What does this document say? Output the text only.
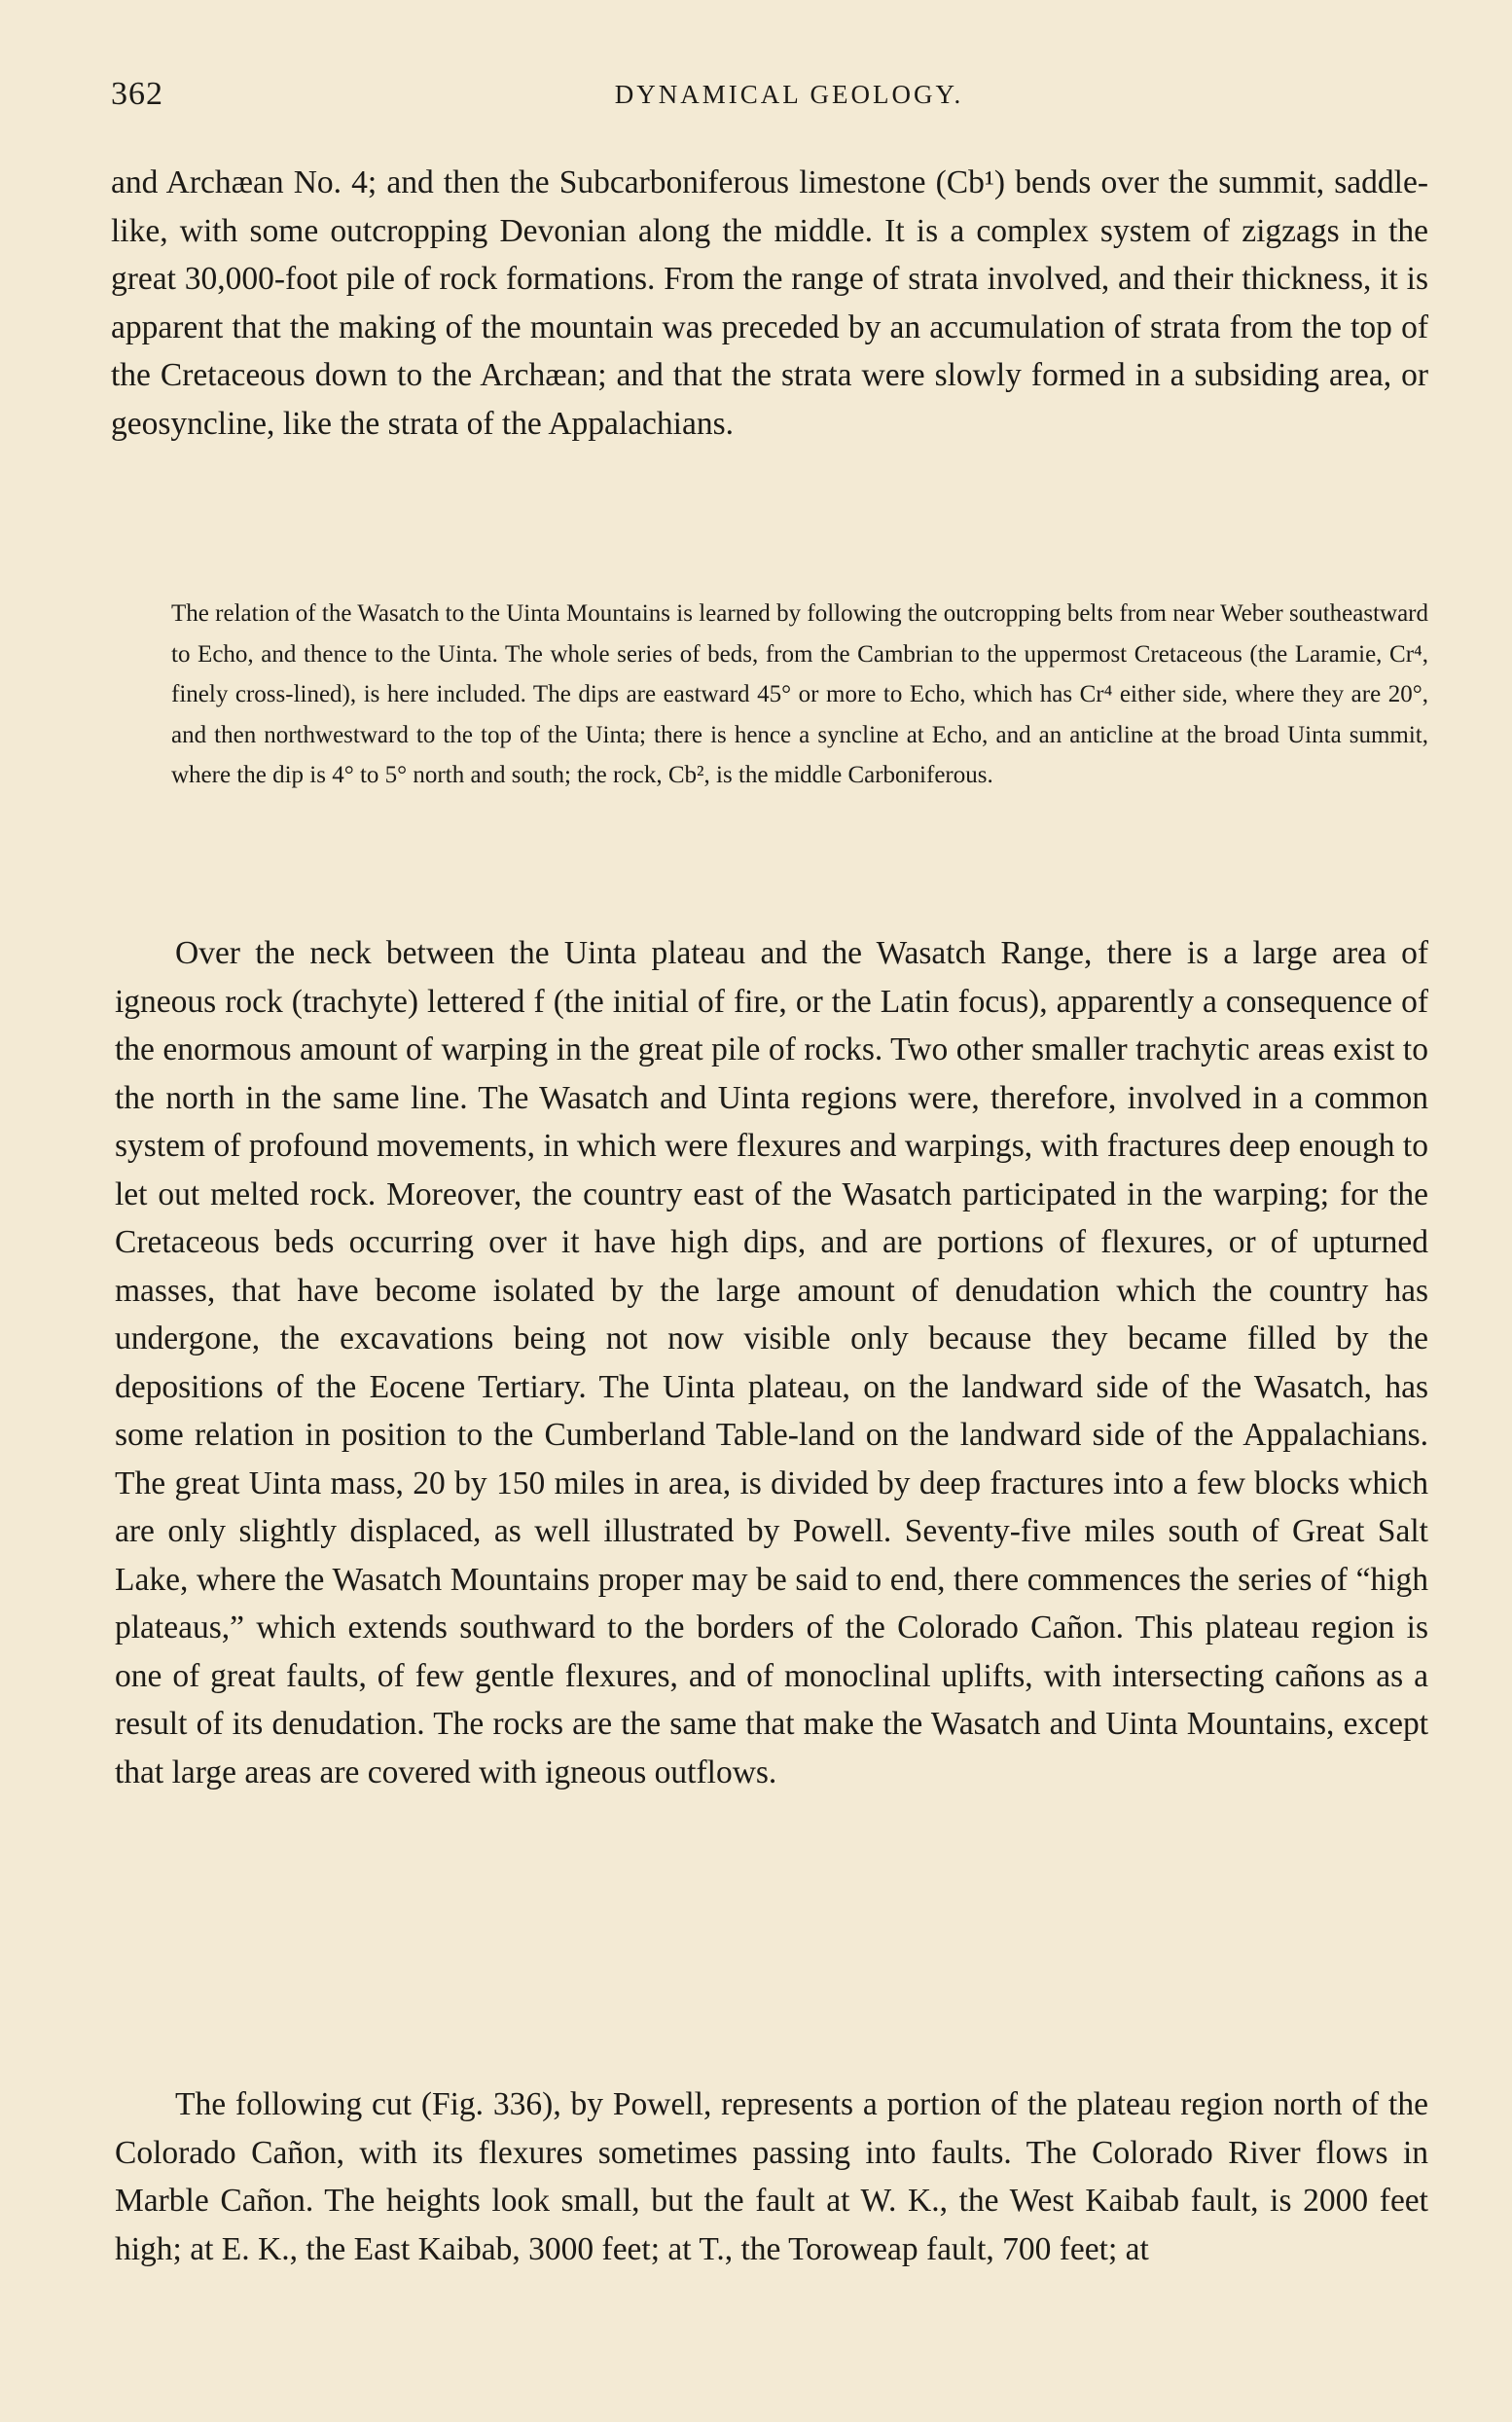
362	DYNAMICAL GEOLOGY.

and Archæan No. 4; and then the Subcarboniferous limestone (Cb¹) bends over the summit, saddle-like, with some outcropping Devonian along the middle. It is a complex system of zigzags in the great 30,000-foot pile of rock formations. From the range of strata involved, and their thickness, it is apparent that the making of the mountain was preceded by an accumulation of strata from the top of the Cretaceous down to the Archæan; and that the strata were slowly formed in a subsiding area, or geosyncline, like the strata of the Appalachians.

The relation of the Wasatch to the Uinta Mountains is learned by following the outcropping belts from near Weber southeastward to Echo, and thence to the Uinta. The whole series of beds, from the Cambrian to the uppermost Cretaceous (the Laramie, Cr⁴, finely cross-lined), is here included. The dips are eastward 45° or more to Echo, which has Cr⁴ either side, where they are 20°, and then northwestward to the top of the Uinta; there is hence a syncline at Echo, and an anticline at the broad Uinta summit, where the dip is 4° to 5° north and south; the rock, Cb², is the middle Carboniferous.

Over the neck between the Uinta plateau and the Wasatch Range, there is a large area of igneous rock (trachyte) lettered f (the initial of fire, or the Latin focus), apparently a consequence of the enormous amount of warping in the great pile of rocks. Two other smaller trachytic areas exist to the north in the same line. The Wasatch and Uinta regions were, therefore, involved in a common system of profound movements, in which were flexures and warpings, with fractures deep enough to let out melted rock. Moreover, the country east of the Wasatch participated in the warping; for the Cretaceous beds occurring over it have high dips, and are portions of flexures, or of upturned masses, that have become isolated by the large amount of denudation which the country has undergone, the excavations being not now visible only because they became filled by the depositions of the Eocene Tertiary. The Uinta plateau, on the landward side of the Wasatch, has some relation in position to the Cumberland Table-land on the landward side of the Appalachians. The great Uinta mass, 20 by 150 miles in area, is divided by deep fractures into a few blocks which are only slightly displaced, as well illustrated by Powell. Seventy-five miles south of Great Salt Lake, where the Wasatch Mountains proper may be said to end, there commences the series of “high plateaus,” which extends southward to the borders of the Colorado Cañon. This plateau region is one of great faults, of few gentle flexures, and of monoclinal uplifts, with intersecting cañons as a result of its denudation. The rocks are the same that make the Wasatch and Uinta Mountains, except that large areas are covered with igneous outflows.

The following cut (Fig. 336), by Powell, represents a portion of the plateau region north of the Colorado Cañon, with its flexures sometimes passing into faults. The Colorado River flows in Marble Cañon. The heights look small, but the fault at W. K., the West Kaibab fault, is 2000 feet high; at E. K., the East Kaibab, 3000 feet; at T., the Toroweap fault, 700 feet; at
